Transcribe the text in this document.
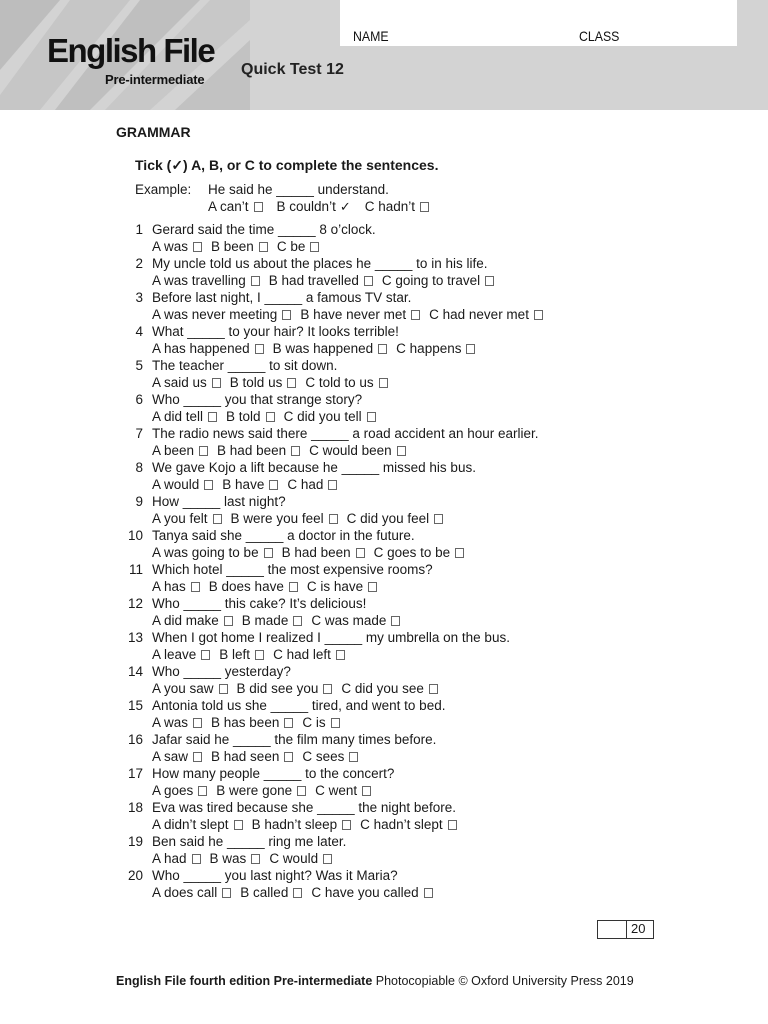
NAME	CLASS
English File
Pre-intermediate
Quick Test 12
GRAMMAR
Tick (✓) A, B, or C to complete the sentences.
Example: He said he _____ understand.
A can’t B couldn’t ✓ C hadn’t
1 Gerard said the time _____ 8 o’clock.
A was B been C be
2 My uncle told us about the places he _____ to in his life.
A was travelling B had travelled C going to travel
3 Before last night, I _____ a famous TV star.
A was never meeting B have never met C had never met
4 What _____ to your hair? It looks terrible!
A has happened B was happened C happens
5 The teacher _____ to sit down.
A said us B told us C told to us
6 Who _____ you that strange story?
A did tell B told C did you tell
7 The radio news said there _____ a road accident an hour earlier.
A been B had been C would been
8 We gave Kojo a lift because he _____ missed his bus.
A would B have C had
9 How _____ last night?
A you felt B were you feel C did you feel
10 Tanya said she _____ a doctor in the future.
A was going to be B had been C goes to be
11 Which hotel _____ the most expensive rooms?
A has B does have C is have
12 Who _____ this cake? It’s delicious!
A did make B made C was made
13 When I got home I realized I _____ my umbrella on the bus.
A leave B left C had left
14 Who _____ yesterday?
A you saw B did see you C did you see
15 Antonia told us she _____ tired, and went to bed.
A was B has been C is
16 Jafar said he _____ the film many times before.
A saw B had seen C sees
17 How many people _____ to the concert?
A goes B were gone C went
18 Eva was tired because she _____ the night before.
A didn’t slept B hadn’t sleep C hadn’t slept
19 Ben said he _____ ring me later.
A had B was C would
20 Who _____ you last night? Was it Maria?
A does call B called C have you called
20
English File fourth edition Pre-intermediate Photocopiable © Oxford University Press 2019
